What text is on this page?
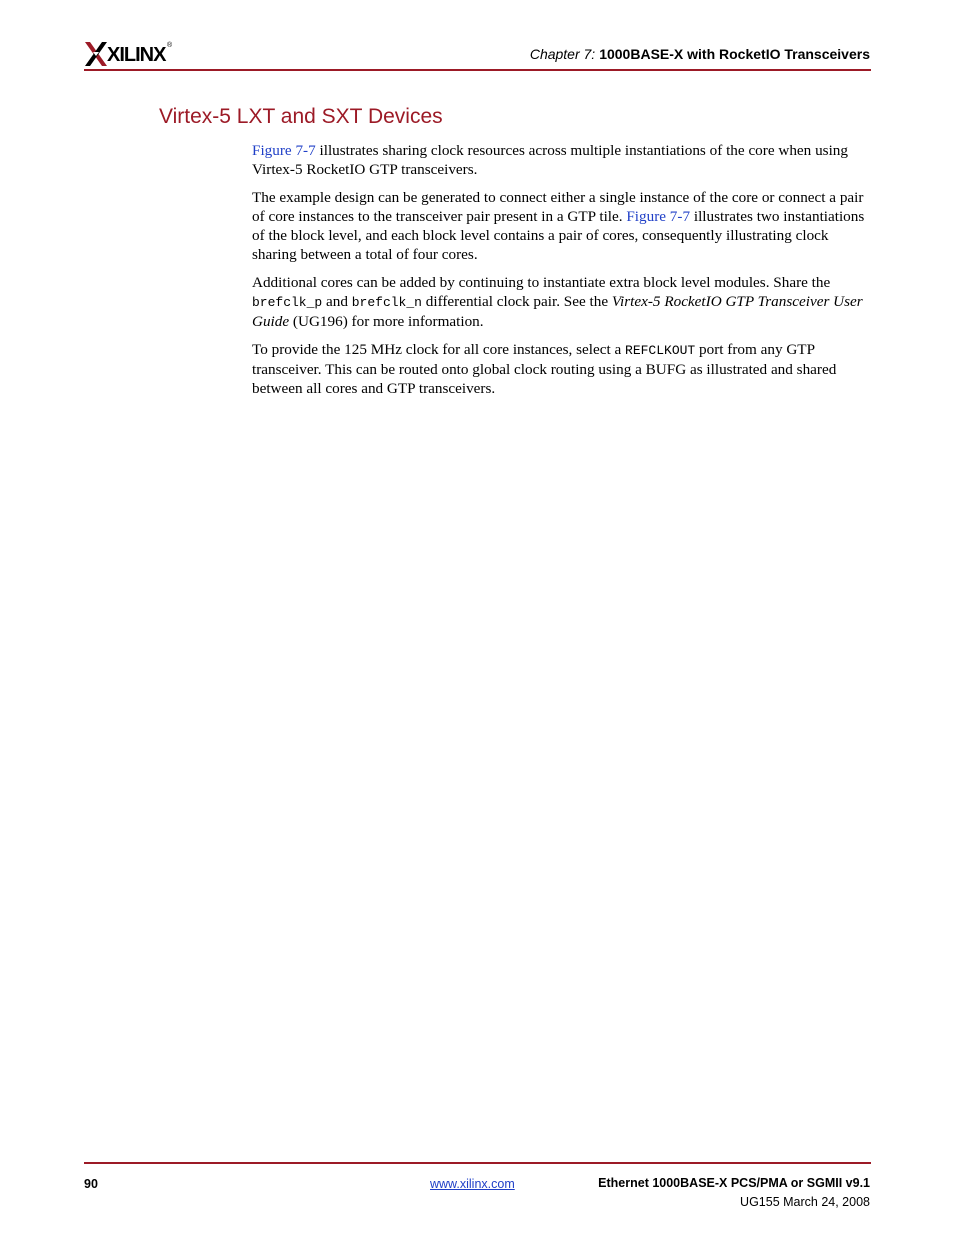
XILINX ®
Chapter 7: 1000BASE-X with RocketIO Transceivers
Virtex-5 LXT and SXT Devices

Figure 7-7 illustrates sharing clock resources across multiple instantiations of the core when using Virtex-5 RocketIO GTP transceivers.

The example design can be generated to connect either a single instance of the core or connect a pair of core instances to the transceiver pair present in a GTP tile. Figure 7-7 illustrates two instantiations of the block level, and each block level contains a pair of cores, consequently illustrating clock sharing between a total of four cores.

Additional cores can be added by continuing to instantiate extra block level modules. Share the brefclk_p and brefclk_n differential clock pair. See the Virtex-5 RocketIO GTP Transceiver User Guide (UG196) for more information.

To provide the 125 MHz clock for all core instances, select a REFCLKOUT port from any GTP transceiver. This can be routed onto global clock routing using a BUFG as illustrated and shared between all cores and GTP transceivers.

90	www.xilinx.com	Ethernet 1000BASE-X PCS/PMA or SGMII v9.1
UG155 March 24, 2008
